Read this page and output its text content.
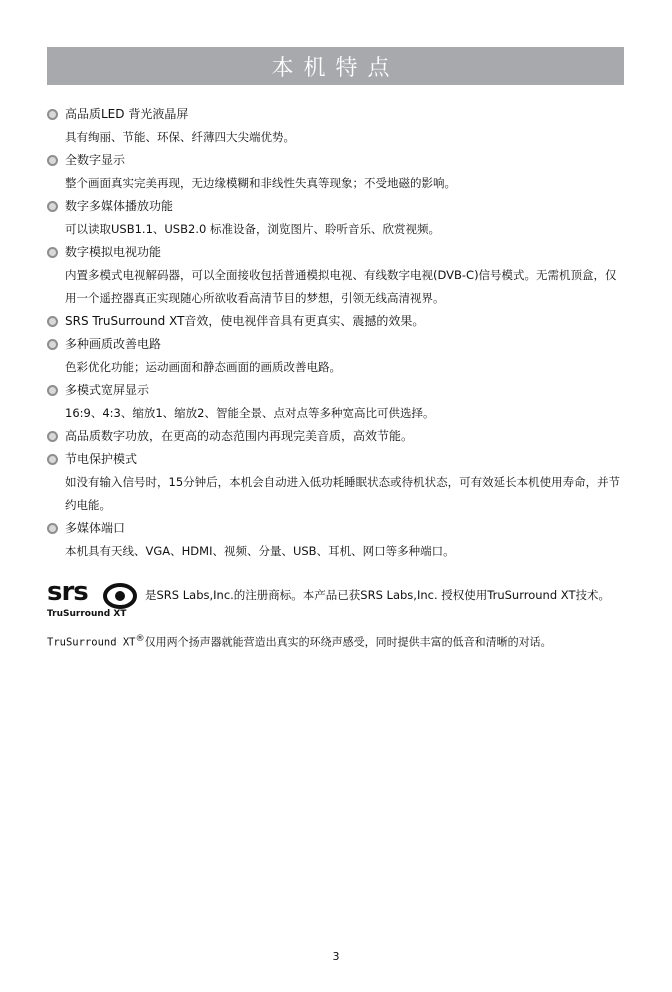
本机特点
高品质LED 背光液晶屏
具有绚丽、节能、环保、纤薄四大尖端优势。
全数字显示
整个画面真实完美再现，无边缘模糊和非线性失真等现象；不受地磁的影响。
数字多媒体播放功能
可以读取USB1.1、USB2.0 标准设备，浏览图片、聆听音乐、欣赏视频。
数字模拟电视功能
内置多模式电视解码器，可以全面接收包括普通模拟电视、有线数字电视(DVB-C)信号模式。无需机顶盒，仅用一个遥控器真正实现随心所欲收看高清节目的梦想，引领无线高清视界。
SRS TruSurround XT音效，使电视伴音具有更真实、震撼的效果。
多种画质改善电路
色彩优化功能；运动画面和静态画面的画质改善电路。
多模式宽屏显示
16:9、4:3、缩放1、缩放2、智能全景、点对点等多种宽高比可供选择。
高品质数字功放，在更高的动态范围内再现完美音质，高效节能。
节电保护模式
如没有输入信号时，15分钟后，本机会自动进入低功耗睡眠状态或待机状态，可有效延长本机使用寿命，并节约电能。
多媒体端口
本机具有天线、VGA、HDMI、视频、分量、USB、耳机、网口等多种端口。
srs
TruSurround XT
是SRS Labs,Inc.的注册商标。本产品已获SRS Labs,Inc. 授权使用TruSurround XT技术。
TruSurround XT®仅用两个扬声器就能营造出真实的环绕声感受，同时提供丰富的低音和清晰的对话。
3
